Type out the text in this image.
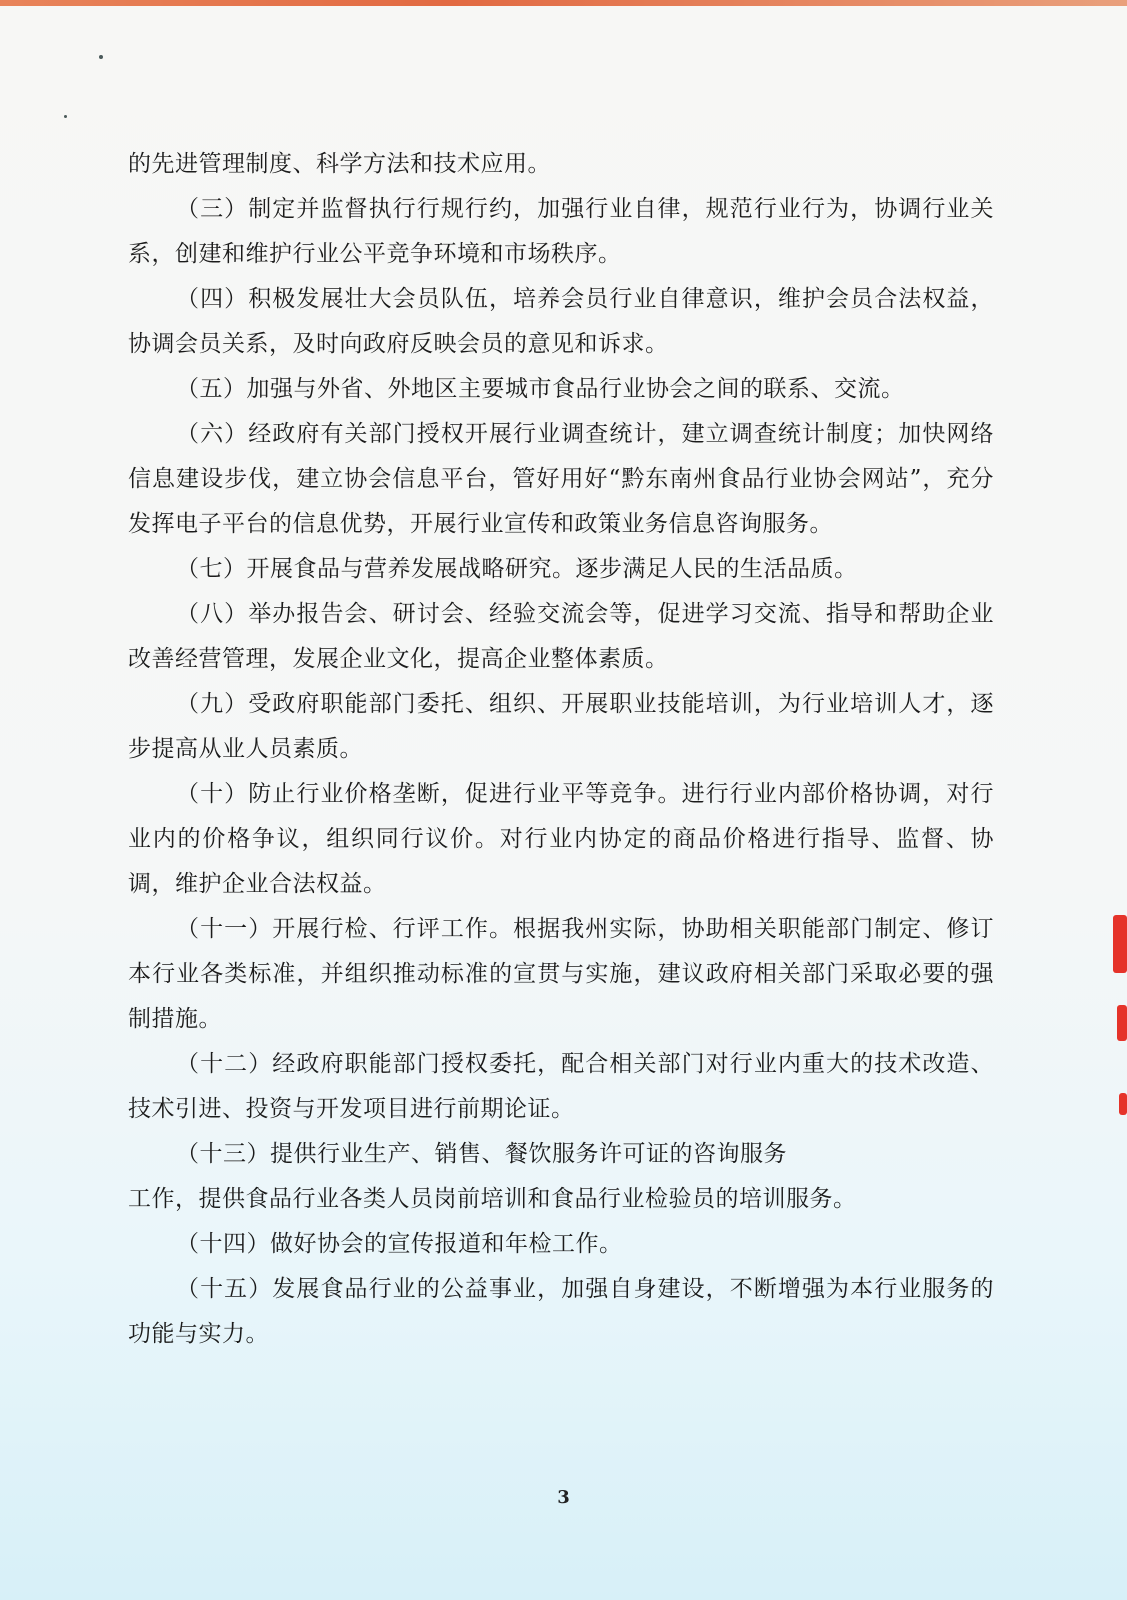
的先进管理制度、科学方法和技术应用。

（三）制定并监督执行行规行约，加强行业自律，规范行业行为，协调行业关系，创建和维护行业公平竞争环境和市场秩序。

（四）积极发展壮大会员队伍，培养会员行业自律意识，维护会员合法权益，协调会员关系，及时向政府反映会员的意见和诉求。

（五）加强与外省、外地区主要城市食品行业协会之间的联系、交流。

（六）经政府有关部门授权开展行业调查统计，建立调查统计制度；加快网络信息建设步伐，建立协会信息平台，管好用好“黔东南州食品行业协会网站”，充分发挥电子平台的信息优势，开展行业宣传和政策业务信息咨询服务。

（七）开展食品与营养发展战略研究。逐步满足人民的生活品质。

（八）举办报告会、研讨会、经验交流会等，促进学习交流、指导和帮助企业改善经营管理，发展企业文化，提高企业整体素质。

（九）受政府职能部门委托、组织、开展职业技能培训，为行业培训人才，逐步提高从业人员素质。

（十）防止行业价格垄断，促进行业平等竞争。进行行业内部价格协调，对行业内的价格争议，组织同行议价。对行业内协定的商品价格进行指导、监督、协调，维护企业合法权益。

（十一）开展行检、行评工作。根据我州实际，协助相关职能部门制定、修订本行业各类标准，并组织推动标准的宣贯与实施，建议政府相关部门采取必要的强制措施。

（十二）经政府职能部门授权委托，配合相关部门对行业内重大的技术改造、技术引进、投资与开发项目进行前期论证。

（十三）提供行业生产、销售、餐饮服务许可证的咨询服务

工作，提供食品行业各类人员岗前培训和食品行业检验员的培训服务。

（十四）做好协会的宣传报道和年检工作。

（十五）发展食品行业的公益事业，加强自身建设，不断增强为本行业服务的功能与实力。

3
